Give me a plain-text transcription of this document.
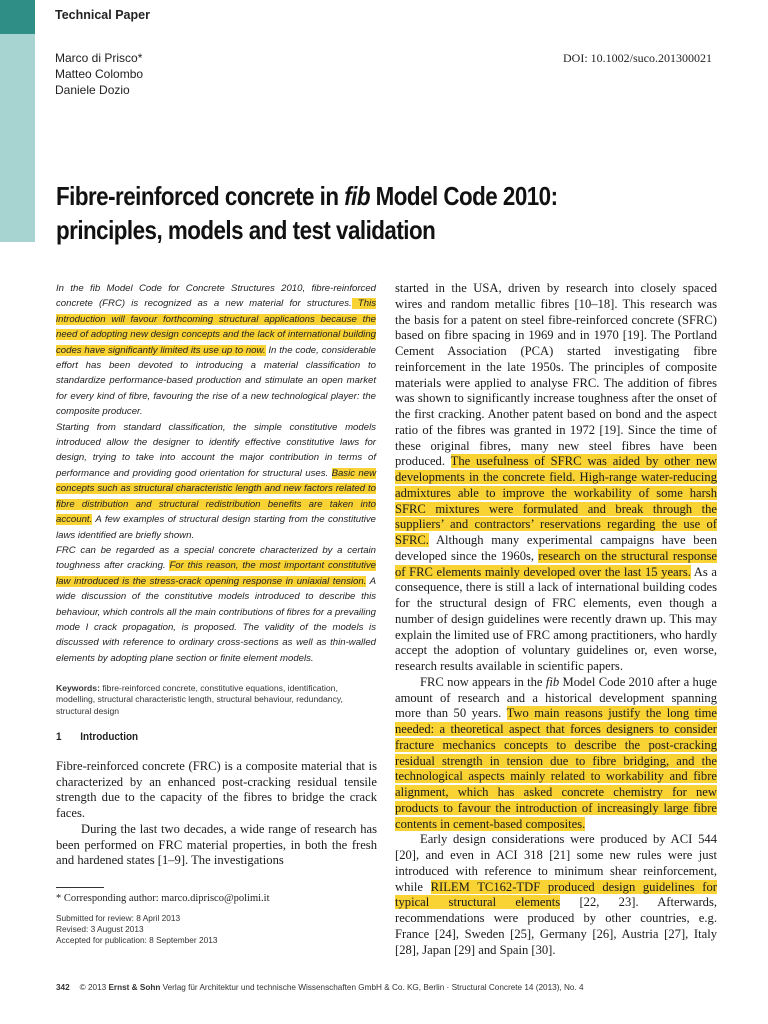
Technical Paper
Marco di Prisco*
Matteo Colombo
Daniele Dozio
DOI: 10.1002/suco.201300021
Fibre-reinforced concrete in fib Model Code 2010: principles, models and test validation

In the fib Model Code for Concrete Structures 2010, fibre-reinforced concrete (FRC) is recognized as a new material for structures. This introduction will favour forthcoming structural applications because the need of adopting new design concepts and the lack of international building codes have significantly limited its use up to now. In the code, considerable effort has been devoted to introducing a material classification to standardize performance-based production and stimulate an open market for every kind of fibre, favouring the rise of a new technological player: the composite producer.

Starting from standard classification, the simple constitutive models introduced allow the designer to identify effective constitutive laws for design, trying to take into account the major contribution in terms of performance and providing good orientation for structural uses. Basic new concepts such as structural characteristic length and new factors related to fibre distribution and structural redistribution benefits are taken into account. A few examples of structural design starting from the constitutive laws identified are briefly shown.

FRC can be regarded as a special concrete characterized by a certain toughness after cracking. For this reason, the most important constitutive law introduced is the stress-crack opening response in uniaxial tension. A wide discussion of the constitutive models introduced to describe this behaviour, which controls all the main contributions of fibres for a prevailing mode I crack propagation, is proposed. The validity of the models is discussed with reference to ordinary cross-sections as well as thin-walled elements by adopting plane section or finite element models.

Keywords: fibre-reinforced concrete, constitutive equations, identification, modelling, structural characteristic length, structural behaviour, redundancy, structural design
1 Introduction

Fibre-reinforced concrete (FRC) is a composite material that is characterized by an enhanced post-cracking residual tensile strength due to the capacity of the fibres to bridge the crack faces.

During the last two decades, a wide range of research has been performed on FRC material properties, in both the fresh and hardened states [1–9]. The investigations

* Corresponding author: marco.diprisco@polimi.it
Submitted for review: 8 April 2013
Revised: 3 August 2013
Accepted for publication: 8 September 2013

started in the USA, driven by research into closely spaced wires and random metallic fibres [10–18]. This research was the basis for a patent on steel fibre-reinforced concrete (SFRC) based on fibre spacing in 1969 and in 1970 [19]. The Portland Cement Association (PCA) started investigating fibre reinforcement in the late 1950s. The principles of composite materials were applied to analyse FRC. The addition of fibres was shown to significantly increase toughness after the onset of the first cracking. Another patent based on bond and the aspect ratio of the fibres was granted in 1972 [19]. Since the time of these original fibres, many new steel fibres have been produced. The usefulness of SFRC was aided by other new developments in the concrete field. High-range water-reducing admixtures able to improve the workability of some harsh SFRC mixtures were formulated and break through the suppliers’ and contractors’ reservations regarding the use of SFRC. Although many experimental campaigns have been developed since the 1960s, research on the structural response of FRC elements mainly developed over the last 15 years. As a consequence, there is still a lack of international building codes for the structural design of FRC elements, even though a number of design guidelines were recently drawn up. This may explain the limited use of FRC among practitioners, who hardly accept the adoption of voluntary guidelines or, even worse, research results available in scientific papers.

FRC now appears in the fib Model Code 2010 after a huge amount of research and a historical development spanning more than 50 years. Two main reasons justify the long time needed: a theoretical aspect that forces designers to consider fracture mechanics concepts to describe the post-cracking residual strength in tension due to fibre bridging, and the technological aspects mainly related to workability and fibre alignment, which has asked concrete chemistry for new products to favour the introduction of increasingly large fibre contents in cement-based composites.

Early design considerations were produced by ACI 544 [20], and even in ACI 318 [21] some new rules were just introduced with reference to minimum shear reinforcement, while RILEM TC162-TDF produced design guidelines for typical structural elements [22, 23]. Afterwards, recommendations were produced by other countries, e.g. France [24], Sweden [25], Germany [26], Austria [27], Italy [28], Japan [29] and Spain [30].

342 © 2013 Ernst & Sohn Verlag für Architektur und technische Wissenschaften GmbH & Co. KG, Berlin · Structural Concrete 14 (2013), No. 4
